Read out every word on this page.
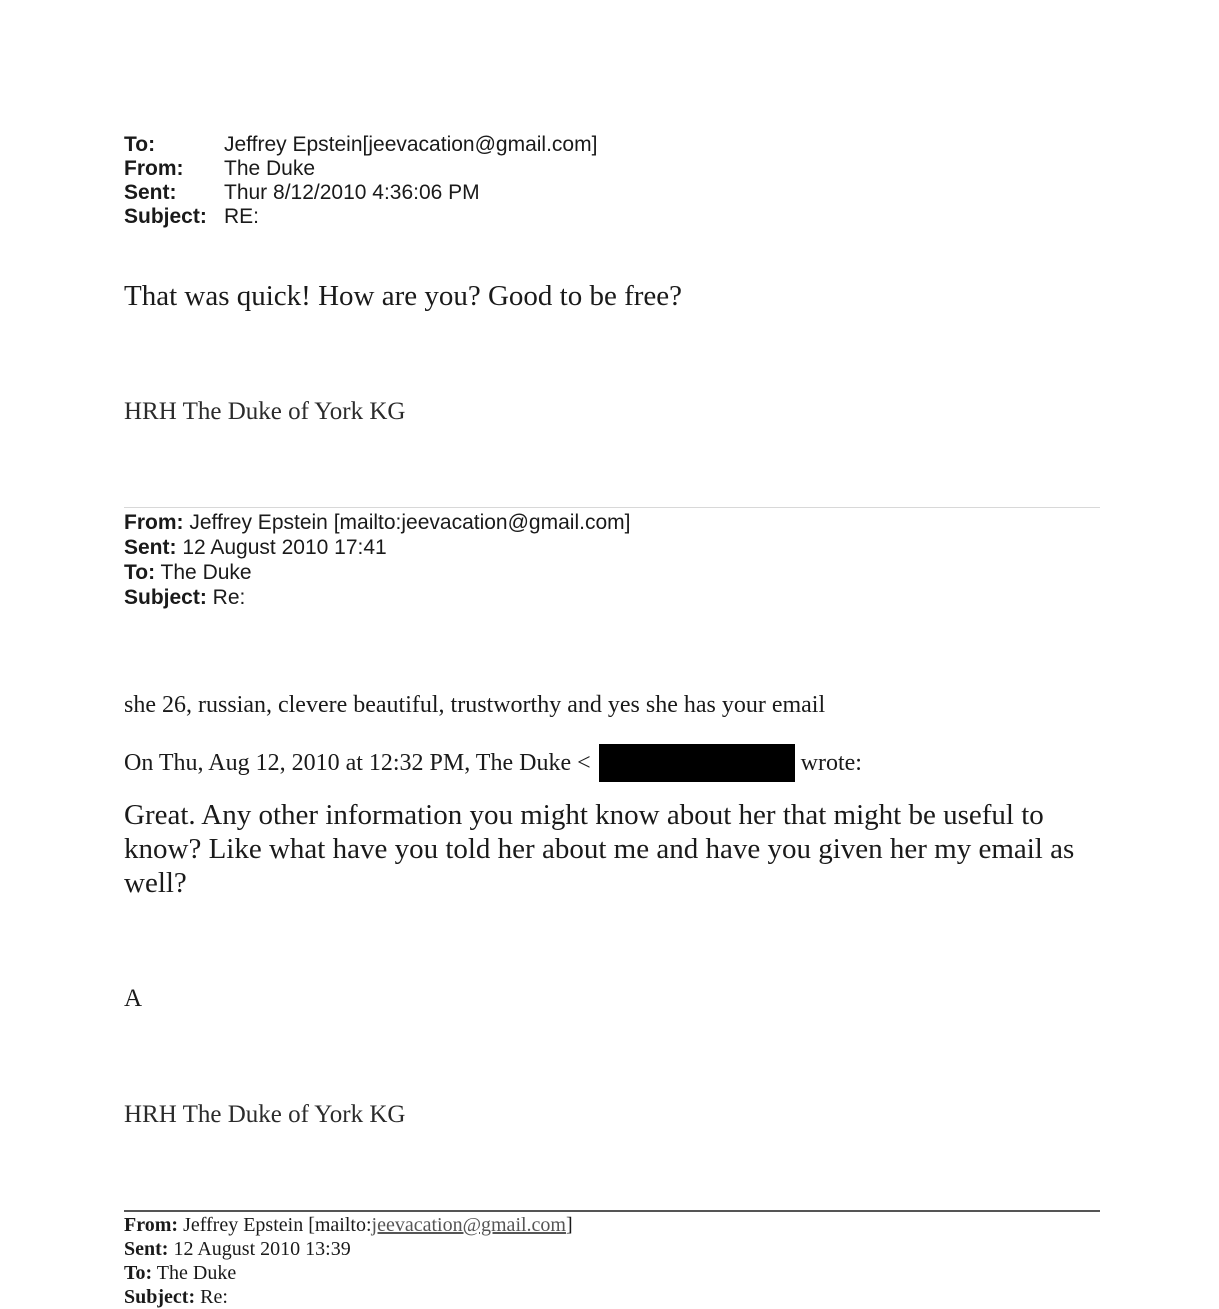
To:	Jeffrey Epstein[jeevacation@gmail.com]
From:	The Duke
Sent:	Thur 8/12/2010 4:36:06 PM
Subject: RE:
That was quick! How are you? Good to be free?
HRH The Duke of York KG
From: Jeffrey Epstein [mailto:jeevacation@gmail.com]
Sent: 12 August 2010 17:41
To: The Duke
Subject: Re:
she 26, russian, clevere beautiful, trustworthy and yes she has your email
On Thu, Aug 12, 2010 at 12:32 PM, The Duke <	wrote:
Great. Any other information you might know about her that might be useful to know? Like what have you told her about me and have you given her my email as well?
A
HRH The Duke of York KG
From: Jeffrey Epstein [mailto:jeevacation@gmail.com]
Sent: 12 August 2010 13:39
To: The Duke
Subject: Re:
